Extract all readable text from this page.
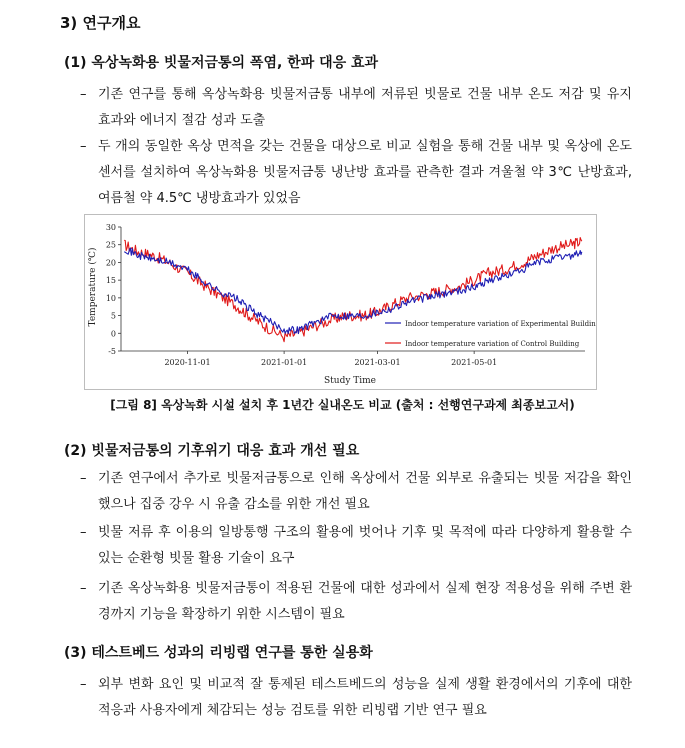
3) 연구개요
(1) 옥상녹화용 빗물저금통의 폭염, 한파 대응 효과
– 기존 연구를 통해 옥상녹화용 빗물저금통 내부에 저류된 빗물로 건물 내부 온도 저감 및 유지 효과와 에너지 절감 성과 도출
– 두 개의 동일한 옥상 면적을 갖는 건물을 대상으로 비교 실험을 통해 건물 내부 및 옥상에 온도 센서를 설치하여 옥상녹화용 빗물저금통 냉난방 효과를 관측한 결과 겨울철 약 3℃ 난방효과, 여름철 약 4.5℃ 냉방효과가 있었음
-5
0
5
10
15
20
25
30
2020-11-01	2021-01-01	2021-03-01	2021-05-01
Indoor temperature variation of Experimental Building
Indoor temperature variation of Control Building
Temperature (℃)
Study Time
[그림 8] 옥상녹화 시설 설치 후 1년간 실내온도 비교 (출처 : 선행연구과제 최종보고서)
(2) 빗물저금통의 기후위기 대응 효과 개선 필요
– 기존 연구에서 추가로 빗물저금통으로 인해 옥상에서 건물 외부로 유출되는 빗물 저감을 확인했으나 집중 강우 시 유출 감소를 위한 개선 필요
– 빗물 저류 후 이용의 일방통행 구조의 활용에 벗어나 기후 및 목적에 따라 다양하게 활용할 수 있는 순환형 빗물 활용 기술이 요구
– 기존 옥상녹화용 빗물저금통이 적용된 건물에 대한 성과에서 실제 현장 적용성을 위해 주변 환경까지 기능을 확장하기 위한 시스템이 필요
(3) 테스트베드 성과의 리빙랩 연구를 통한 실용화
– 외부 변화 요인 및 비교적 잘 통제된 테스트베드의 성능을 실제 생활 환경에서의 기후에 대한 적응과 사용자에게 체감되는 성능 검토를 위한 리빙랩 기반 연구 필요
